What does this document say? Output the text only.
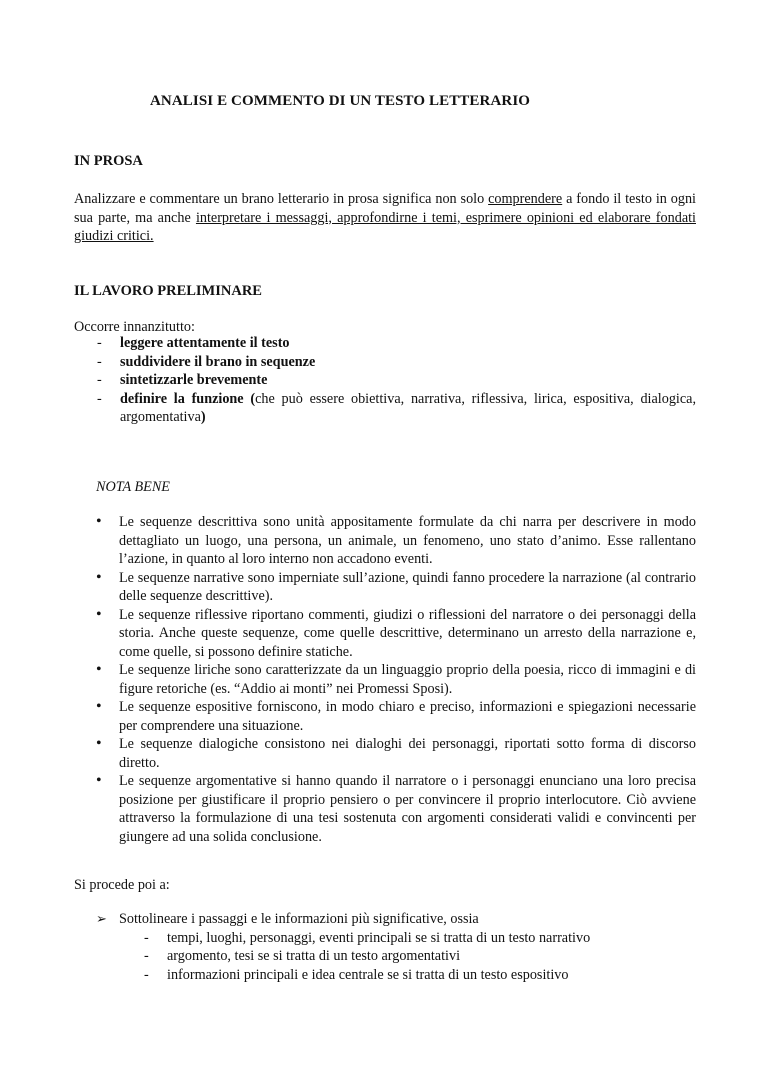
ANALISI E COMMENTO DI UN TESTO LETTERARIO
IN PROSA
Analizzare e commentare un brano letterario in prosa significa non solo comprendere a fondo il testo in ogni sua parte, ma anche interpretare i messaggi, approfondirne i temi, esprimere opinioni ed elaborare fondati giudizi critici.
IL LAVORO PRELIMINARE
Occorre innanzitutto:
- leggere attentamente il testo
- suddividere il brano in sequenze
- sintetizzarle brevemente
- definire la funzione (che può essere obiettiva, narrativa, riflessiva, lirica, espositiva, dialogica, argomentativa)
NOTA BENE
• Le sequenze descrittiva sono unità appositamente formulate da chi narra per descrivere in modo dettagliato un luogo, una persona, un animale, un fenomeno, uno stato d’animo. Esse rallentano l’azione, in quanto al loro interno non accadono eventi.
• Le sequenze narrative sono imperniate sull’azione, quindi fanno procedere la narrazione (al contrario delle sequenze descrittive).
• Le sequenze riflessive riportano commenti, giudizi o riflessioni del narratore o dei personaggi della storia. Anche queste sequenze, come quelle descrittive, determinano un arresto della narrazione e, come quelle, si possono definire statiche.
• Le sequenze liriche sono caratterizzate da un linguaggio proprio della poesia, ricco di immagini e di figure retoriche (es. “Addio ai monti” nei Promessi Sposi).
• Le sequenze espositive forniscono, in modo chiaro e preciso, informazioni e spiegazioni necessarie per comprendere una situazione.
• Le sequenze dialogiche consistono nei dialoghi dei personaggi, riportati sotto forma di discorso diretto.
• Le sequenze argomentative si hanno quando il narratore o i personaggi enunciano una loro precisa posizione per giustificare il proprio pensiero o per convincere il proprio interlocutore. Ciò avviene attraverso la formulazione di una tesi sostenuta con argomenti considerati validi e convincenti per giungere ad una solida conclusione.
Si procede poi a:
➢ Sottolineare i passaggi e le informazioni più significative, ossia
- tempi, luoghi, personaggi, eventi principali se si tratta di un testo narrativo
- argomento, tesi se si tratta di un testo argomentativi
- informazioni principali e idea centrale se si tratta di un testo espositivo
